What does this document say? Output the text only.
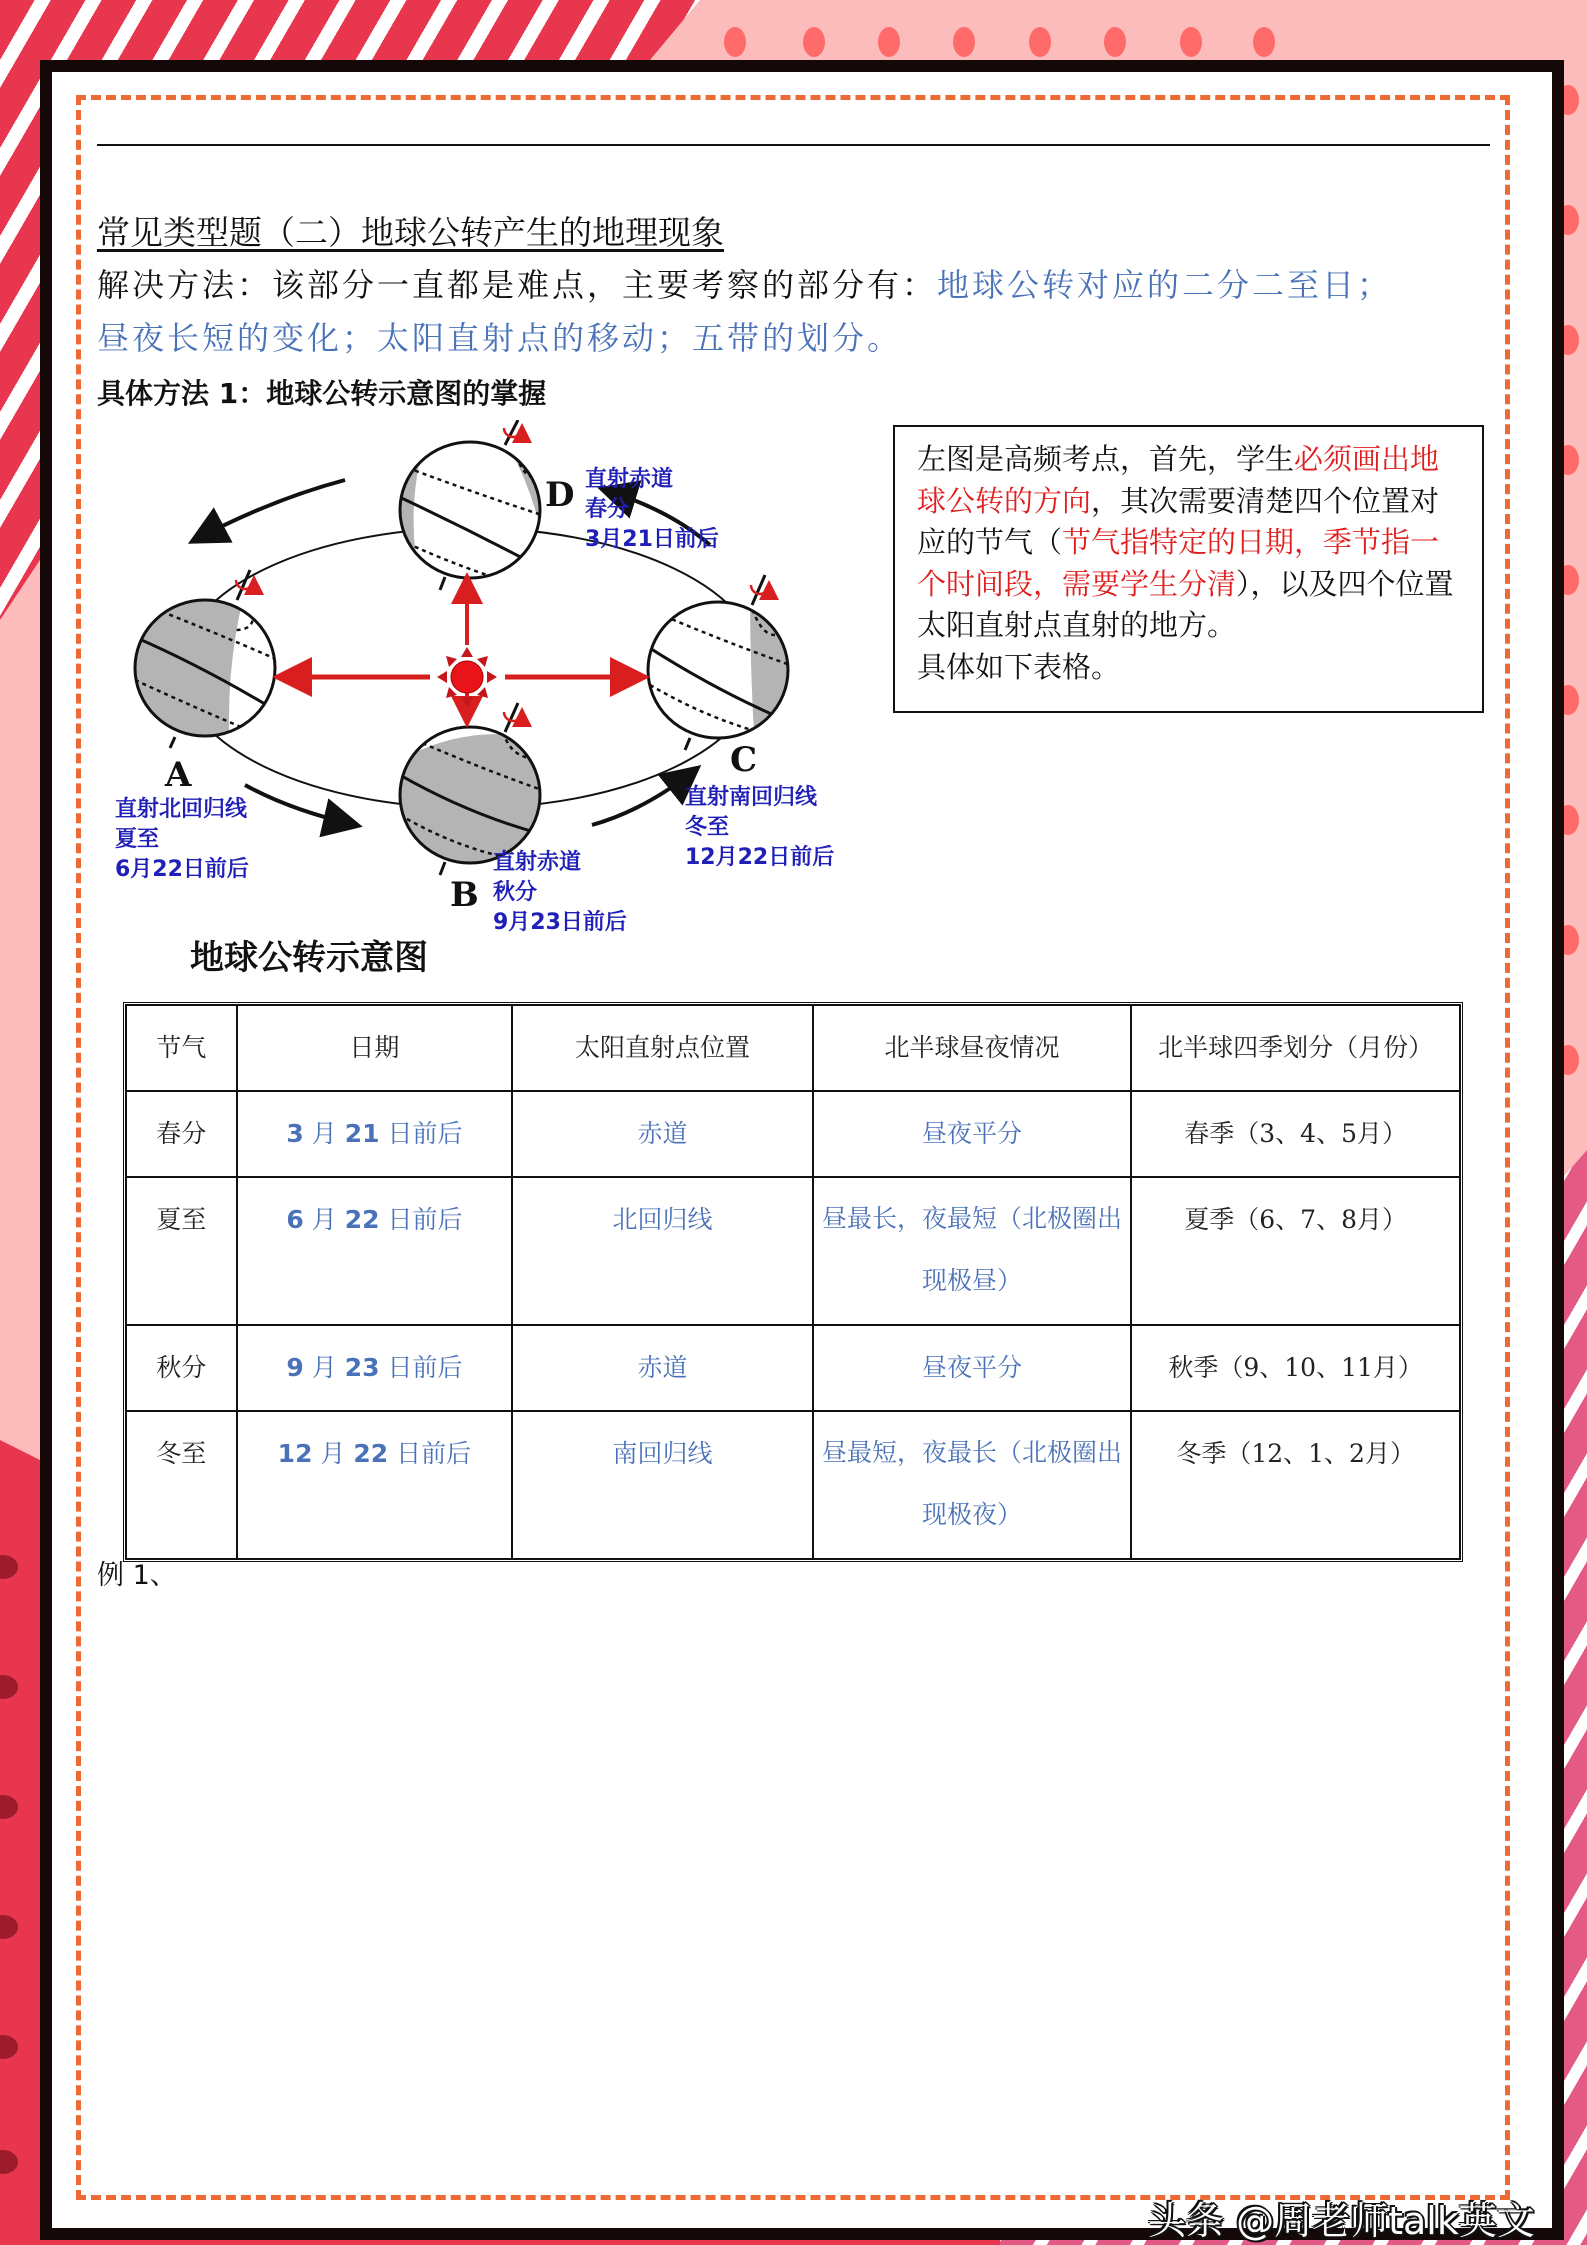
常见类型题（二）地球公转产生的地理现象
解决方法：该部分一直都是难点，主要考察的部分有：地球公转对应的二分二至日；
昼夜长短的变化；太阳直射点的移动；五带的划分。
具体方法 1：地球公转示意图的掌握
D 直射赤道
春分
3月21日前后
A
直射北回归线
夏至
6月22日前后
C
直射南回归线
冬至
12月22日前后
B
直射赤道
秋分
9月23日前后
地球公转示意图
左图是高频考点，首先，学生必须画出地球公转的方向，其次需要清楚四个位置对应的节气（节气指特定的日期，季节指一个时间段，需要学生分清），以及四个位置太阳直射点直射的地方。
具体如下表格。
节气	日期	太阳直射点位置	北半球昼夜情况	北半球四季划分（月份）
春分	3 月 21 日前后	赤道	昼夜平分	春季（3、4、5月）
夏至	6 月 22 日前后	北回归线	昼最长，夜最短（北极圈出现极昼）	夏季（6、7、8月）
秋分	9 月 23 日前后	赤道	昼夜平分	秋季（9、10、11月）
冬至	12 月 22 日前后	南回归线	昼最短，夜最长（北极圈出现极夜）	冬季（12、1、2月）
例 1、
头条 @周老师talk英文
